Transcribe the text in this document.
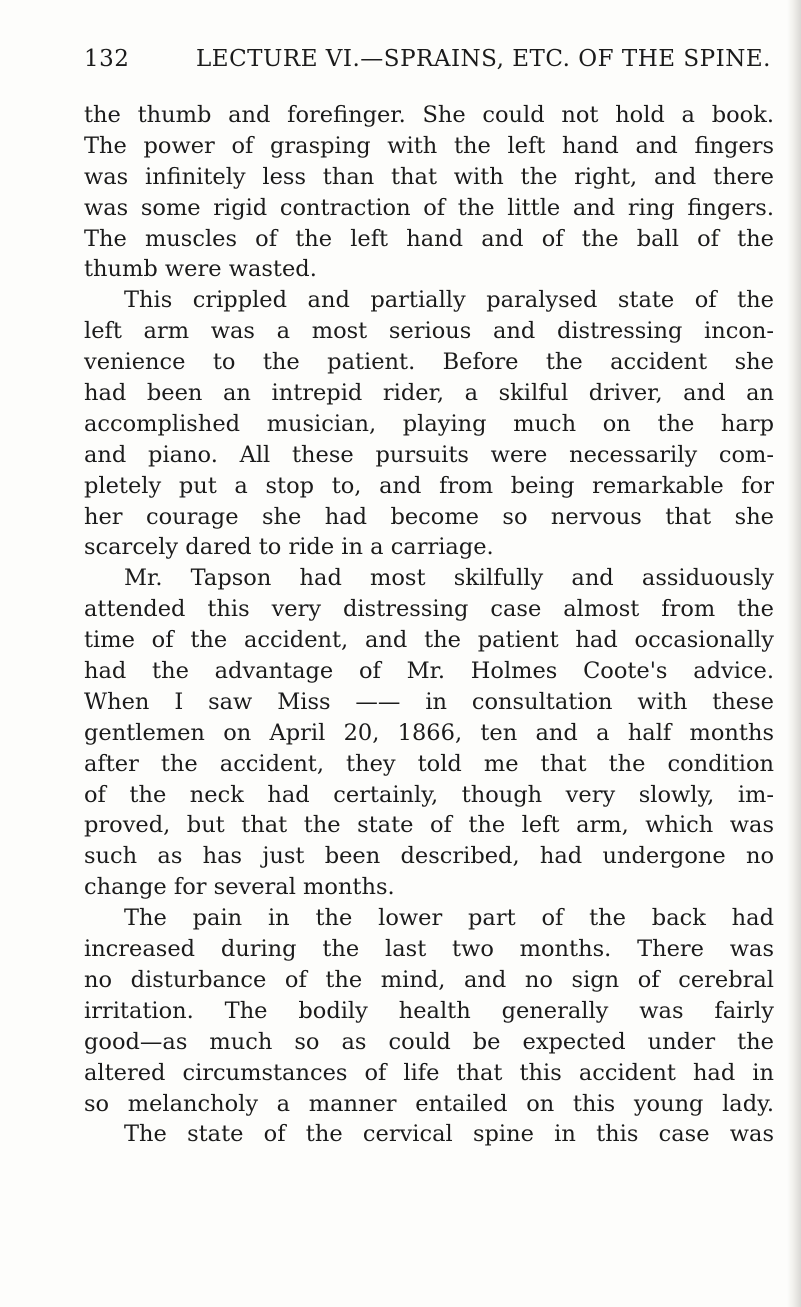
132	LECTURE VI.—SPRAINS, ETC. OF THE SPINE.
the thumb and forefinger. She could not hold a book.
The power of grasping with the left hand and fingers
was infinitely less than that with the right, and there
was some rigid contraction of the little and ring fingers.
The muscles of the left hand and of the ball of the
thumb were wasted.
This crippled and partially paralysed state of the
left arm was a most serious and distressing incon-
venience to the patient. Before the accident she
had been an intrepid rider, a skilful driver, and an
accomplished musician, playing much on the harp
and piano. All these pursuits were necessarily com-
pletely put a stop to, and from being remarkable for
her courage she had become so nervous that she
scarcely dared to ride in a carriage.
Mr. Tapson had most skilfully and assiduously
attended this very distressing case almost from the
time of the accident, and the patient had occasionally
had the advantage of Mr. Holmes Coote's advice.
When I saw Miss —— in consultation with these
gentlemen on April 20, 1866, ten and a half months
after the accident, they told me that the condition
of the neck had certainly, though very slowly, im-
proved, but that the state of the left arm, which was
such as has just been described, had undergone no
change for several months.
The pain in the lower part of the back had
increased during the last two months. There was
no disturbance of the mind, and no sign of cerebral
irritation. The bodily health generally was fairly
good—as much so as could be expected under the
altered circumstances of life that this accident had in
so melancholy a manner entailed on this young lady.
The state of the cervical spine in this case was
